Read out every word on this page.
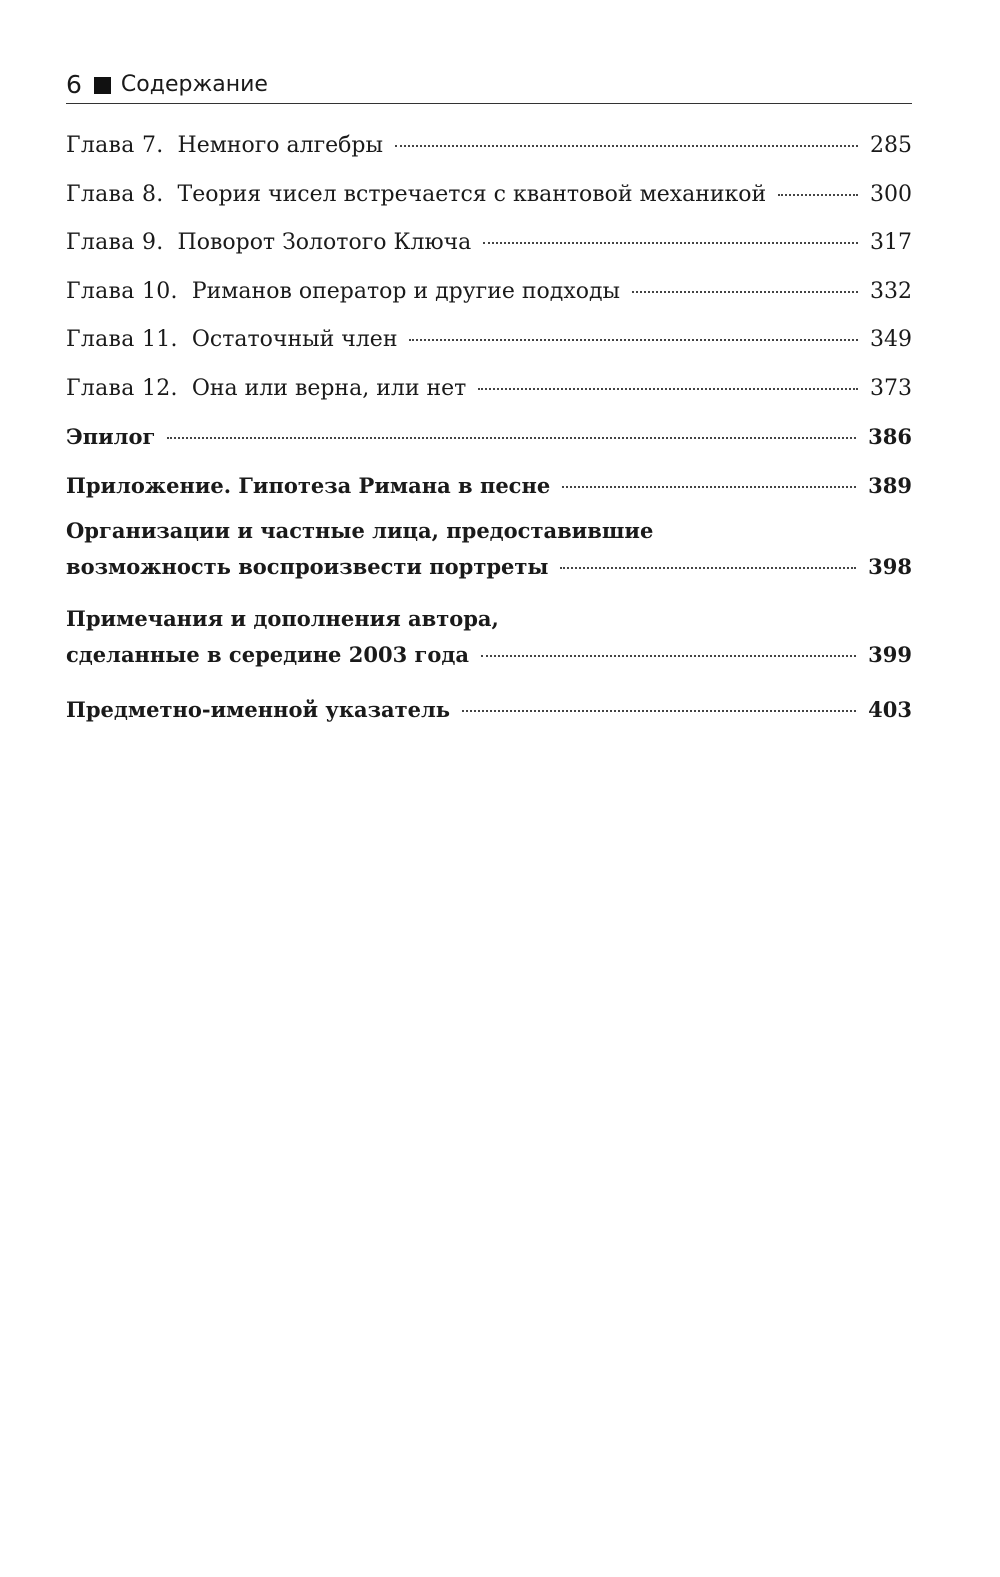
6 Содержание
Глава 7. Немного алгебры	285
Глава 8. Теория чисел встречается с квантовой механикой	300
Глава 9. Поворот Золотого Ключа	317
Глава 10. Риманов оператор и другие подходы	332
Глава 11. Остаточный член	349
Глава 12. Она или верна, или нет	373
Эпилог	386
Приложение. Гипотеза Римана в песне	389
Организации и частные лица, предоставившие
возможность воспроизвести портреты	398
Примечания и дополнения автора,
сделанные в середине 2003 года	399
Предметно-именной указатель	403
